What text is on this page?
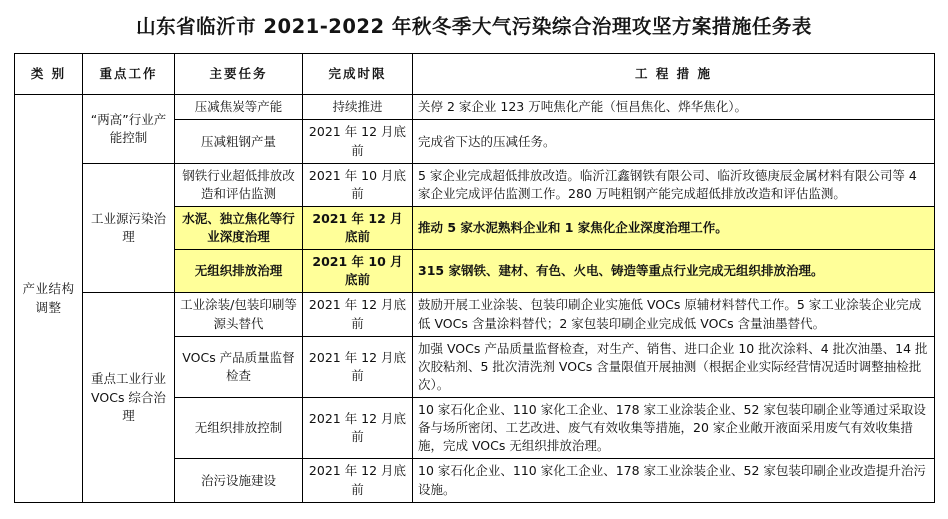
山东省临沂市 2021-2022 年秋冬季大气污染综合治理攻坚方案措施任务表
类 别	重点工作	主要任务	完成时限	工 程 措 施
产业结构调整	“两高”行业产能控制	压减焦炭等产能	持续推进	关停 2 家企业 123 万吨焦化产能（恒昌焦化、烨华焦化）。
		压减粗钢产量	2021 年 12 月底前	完成省下达的压减任务。
	工业源污染治理	钢铁行业超低排放改造和评估监测	2021 年 10 月底前	5 家企业完成超低排放改造。临沂江鑫钢铁有限公司、临沂玫德庚辰金属材料有限公司等 4 家企业完成评估监测工作。280 万吨粗钢产能完成超低排放改造和评估监测。
		水泥、独立焦化等行业深度治理	2021 年 12 月底前	推动 5 家水泥熟料企业和 1 家焦化企业深度治理工作。
		无组织排放治理	2021 年 10 月底前	315 家钢铁、建材、有色、火电、铸造等重点行业完成无组织排放治理。
	重点工业行业 VOCs 综合治理	工业涂装/包装印刷等源头替代	2021 年 12 月底前	鼓励开展工业涂装、包装印刷企业实施低 VOCs 原辅材料替代工作。5 家工业涂装企业完成低 VOCs 含量涂料替代；2 家包装印刷企业完成低 VOCs 含量油墨替代。
		VOCs 产品质量监督检查	2021 年 12 月底前	加强 VOCs 产品质量监督检查，对生产、销售、进口企业 10 批次涂料、4 批次油墨、14 批次胶粘剂、5 批次清洗剂 VOCs 含量限值开展抽测（根据企业实际经营情况适时调整抽检批次）。
		无组织排放控制	2021 年 12 月底前	10 家石化企业、110 家化工企业、178 家工业涂装企业、52 家包装印刷企业等通过采取设备与场所密闭、工艺改进、废气有效收集等措施，20 家企业敞开液面采用废气有效收集措施，完成 VOCs 无组织排放治理。
		治污设施建设	2021 年 12 月底前	10 家石化企业、110 家化工企业、178 家工业涂装企业、52 家包装印刷企业改造提升治污设施。
